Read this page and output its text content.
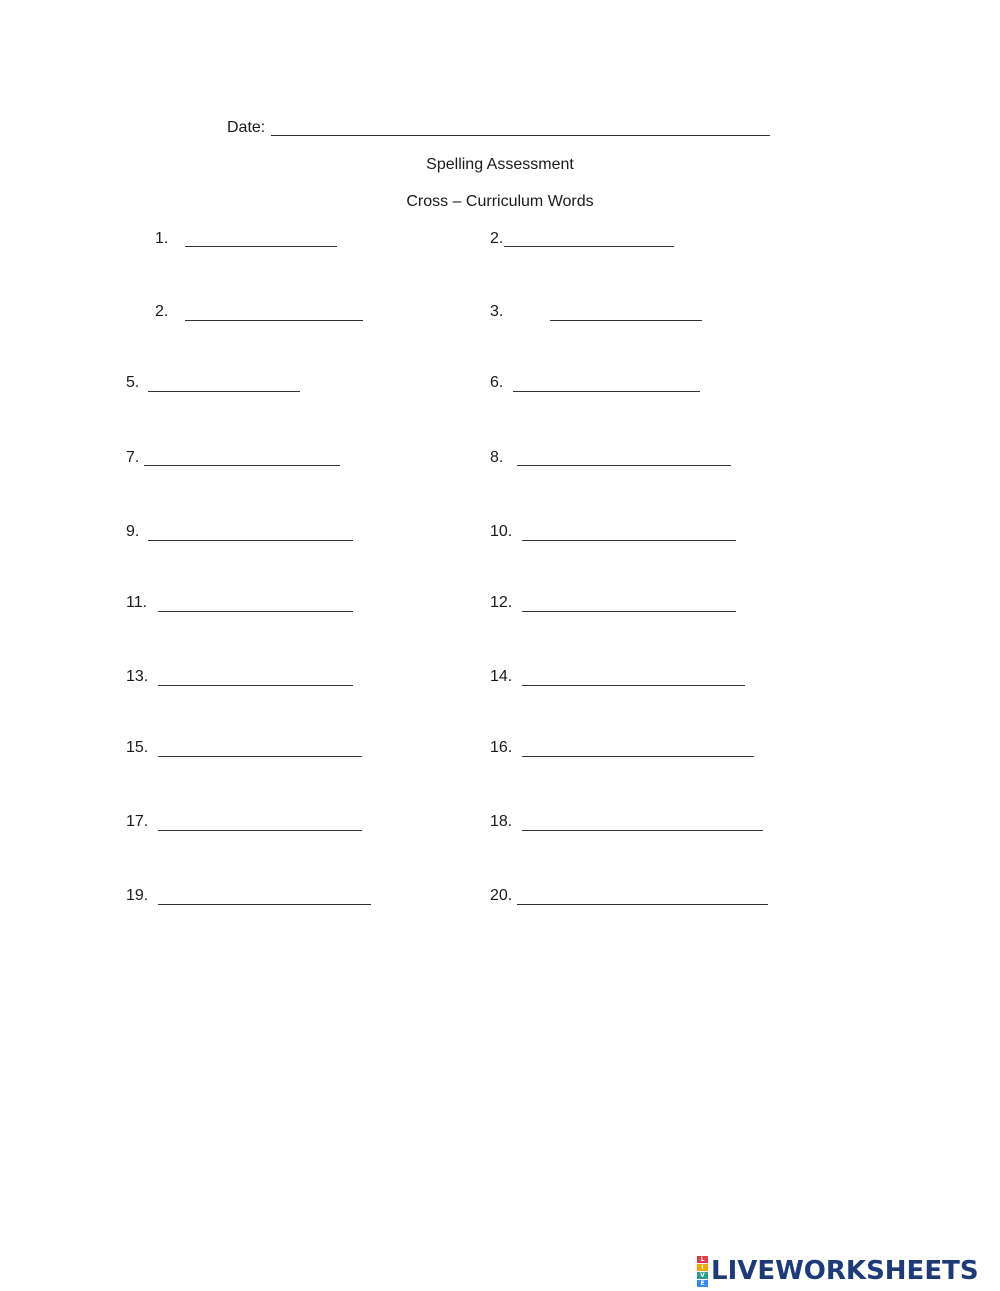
Date:
Spelling Assessment
Cross – Curriculum Words
1.	2.
2.	3.
5.	6.
7.	8.
9.	10.
11.	12.
13.	14.
15.	16.
17.	18.
19.	20.
L
I
V
E LIVEWORKSHEETS
